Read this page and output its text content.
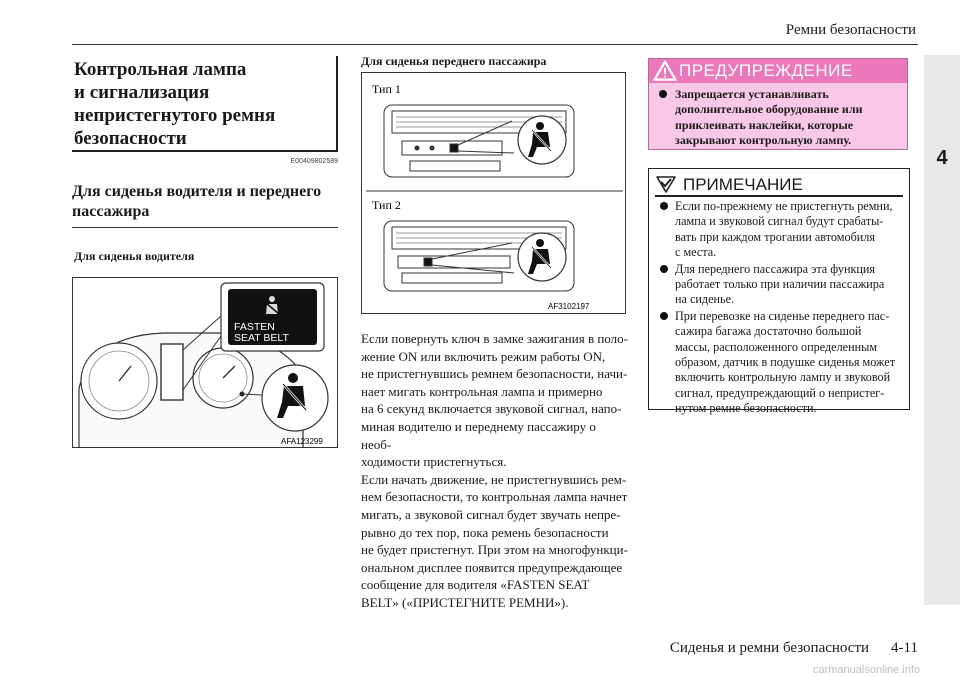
Ремни безопасности
4
Контрольная лампа
и сигнализация
непристегнутого ремня
безопасности
E00409802589
Для сиденья водителя и переднего
пассажира
Для сиденья водителя
FASTEN
SEAT BELT
AFA123299
Для сиденья переднего пассажира
Тип 1
Тип 2
AF3102197
Если повернуть ключ в замке зажигания в поло-
жение ON или включить режим работы ON,
не пристегнувшись ремнем безопасности, начи-
нает мигать контрольная лампа и примерно
на 6 секунд включается звуковой сигнал, напо-
миная водителю и переднему пассажиру о необ-
ходимости пристегнуться.
Если начать движение, не пристегнувшись рем-
нем безопасности, то контрольная лампа начнет
мигать, а звуковой сигнал будет звучать непре-
рывно до тех пор, пока ремень безопасности
не будет пристегнут. При этом на многофункци-
ональном дисплее появится предупреждающее
сообщение для водителя «FASTEN SEAT
BELT» («ПРИСТЕГНИТЕ РЕМНИ»).
ПРЕДУПРЕЖДЕНИЕ
Запрещается устанавливать
дополнительное оборудование или
приклеивать наклейки, которые
закрывают контрольную лампу.
ПРИМЕЧАНИЕ
Если по-прежнему не пристегнуть ремни,
лампа и звуковой сигнал будут срабаты-
вать при каждом трогании автомобиля
с места.
Для переднего пассажира эта функция
работает только при наличии пассажира
на сиденье.
При перевозке на сиденье переднего пас-
сажира багажа достаточно большой
массы, расположенного определенным
образом, датчик в подушке сиденья может
включить контрольную лампу и звуковой
сигнал, предупреждающий о непристег-
нутом ремне безопасности.
Сиденья и ремни безопасности 4-11
carmanualsonline.info
